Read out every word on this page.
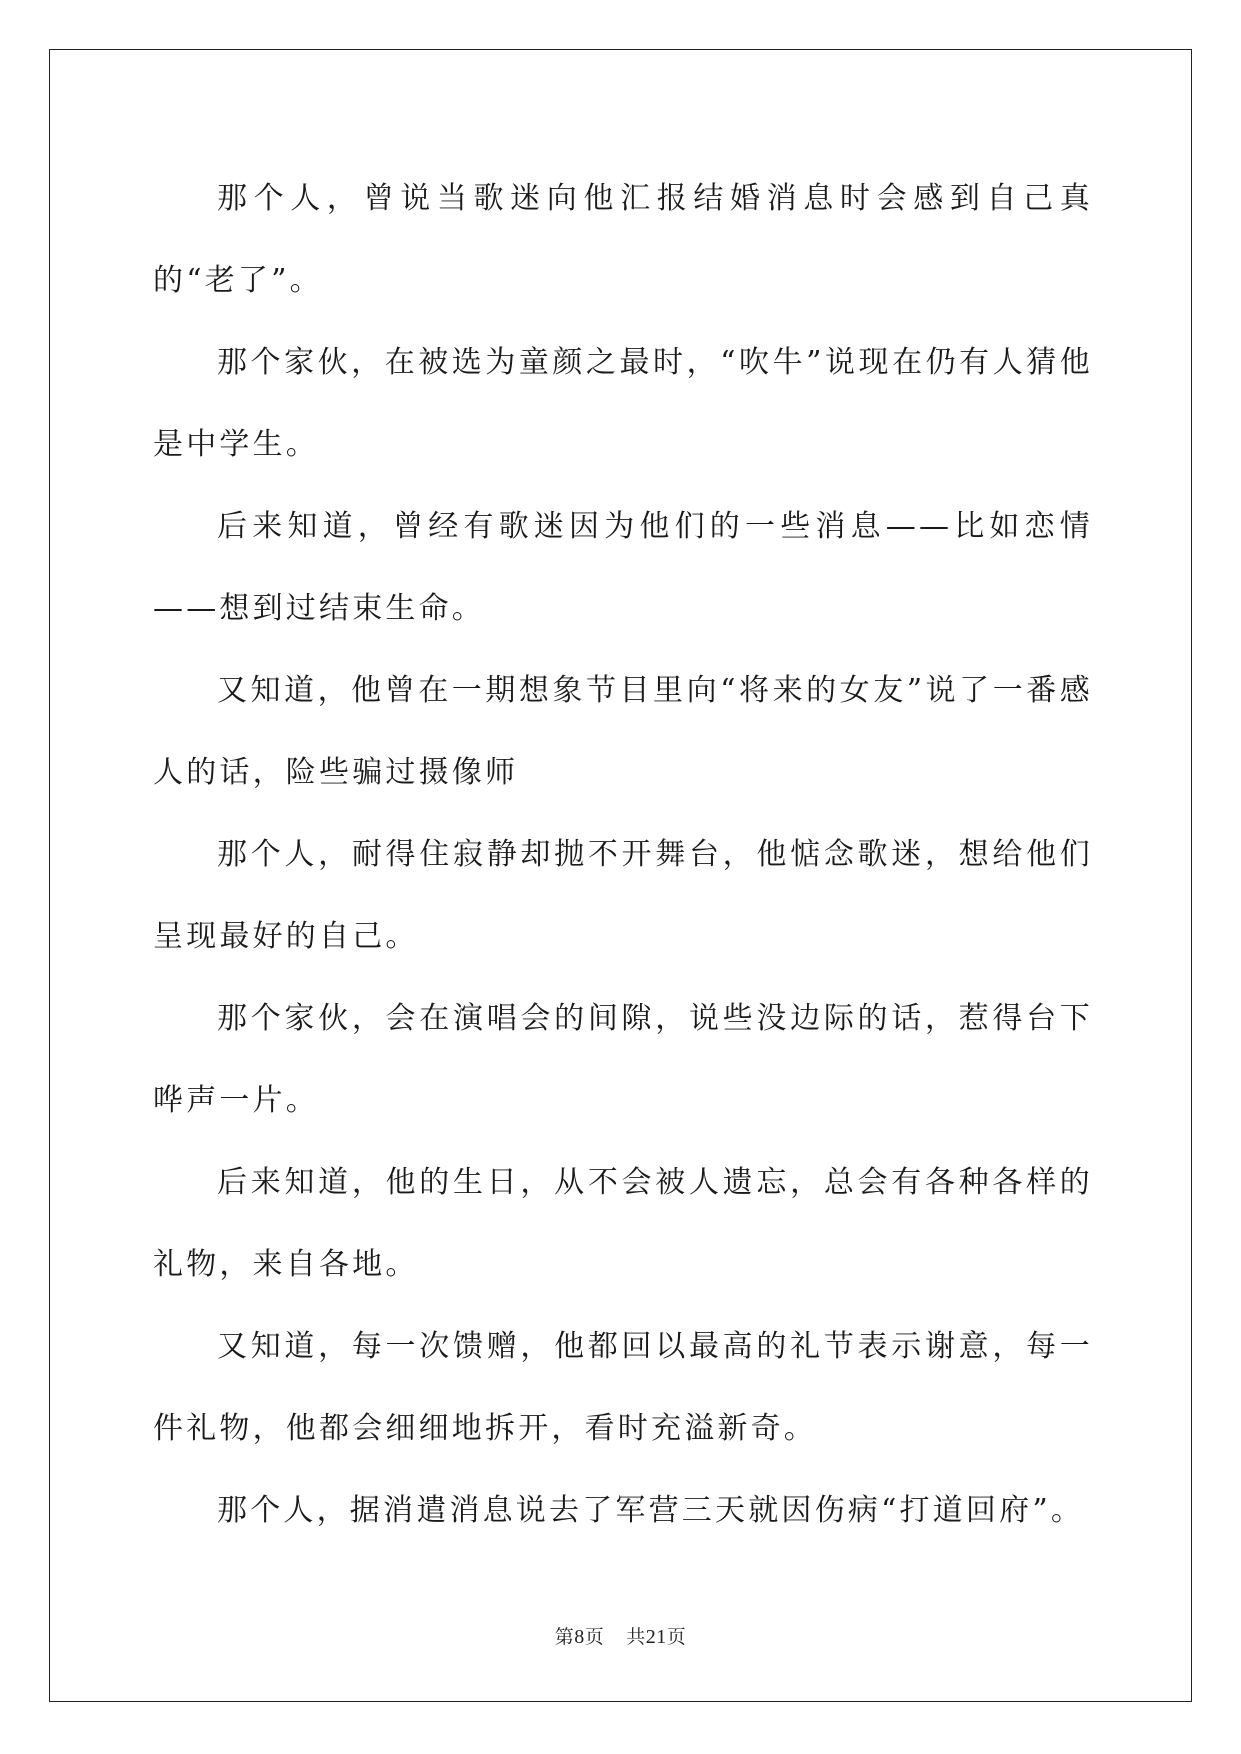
那个人，曾说当歌迷向他汇报结婚消息时会感到自己真的“老了”。

那个家伙，在被选为童颜之最时，“吹牛”说现在仍有人猜他是中学生。

后来知道，曾经有歌迷因为他们的一些消息——比如恋情——想到过结束生命。

又知道，他曾在一期想象节目里向“将来的女友”说了一番感人的话，险些骗过摄像师

那个人，耐得住寂静却抛不开舞台，他惦念歌迷，想给他们呈现最好的自己。

那个家伙，会在演唱会的间隙，说些没边际的话，惹得台下哗声一片。

后来知道，他的生日，从不会被人遗忘，总会有各种各样的礼物，来自各地。

又知道，每一次馈赠，他都回以最高的礼节表示谢意，每一件礼物，他都会细细地拆开，看时充溢新奇。

那个人，据消遣消息说去了军营三天就因伤病“打道回府”。

第8页 共21页
